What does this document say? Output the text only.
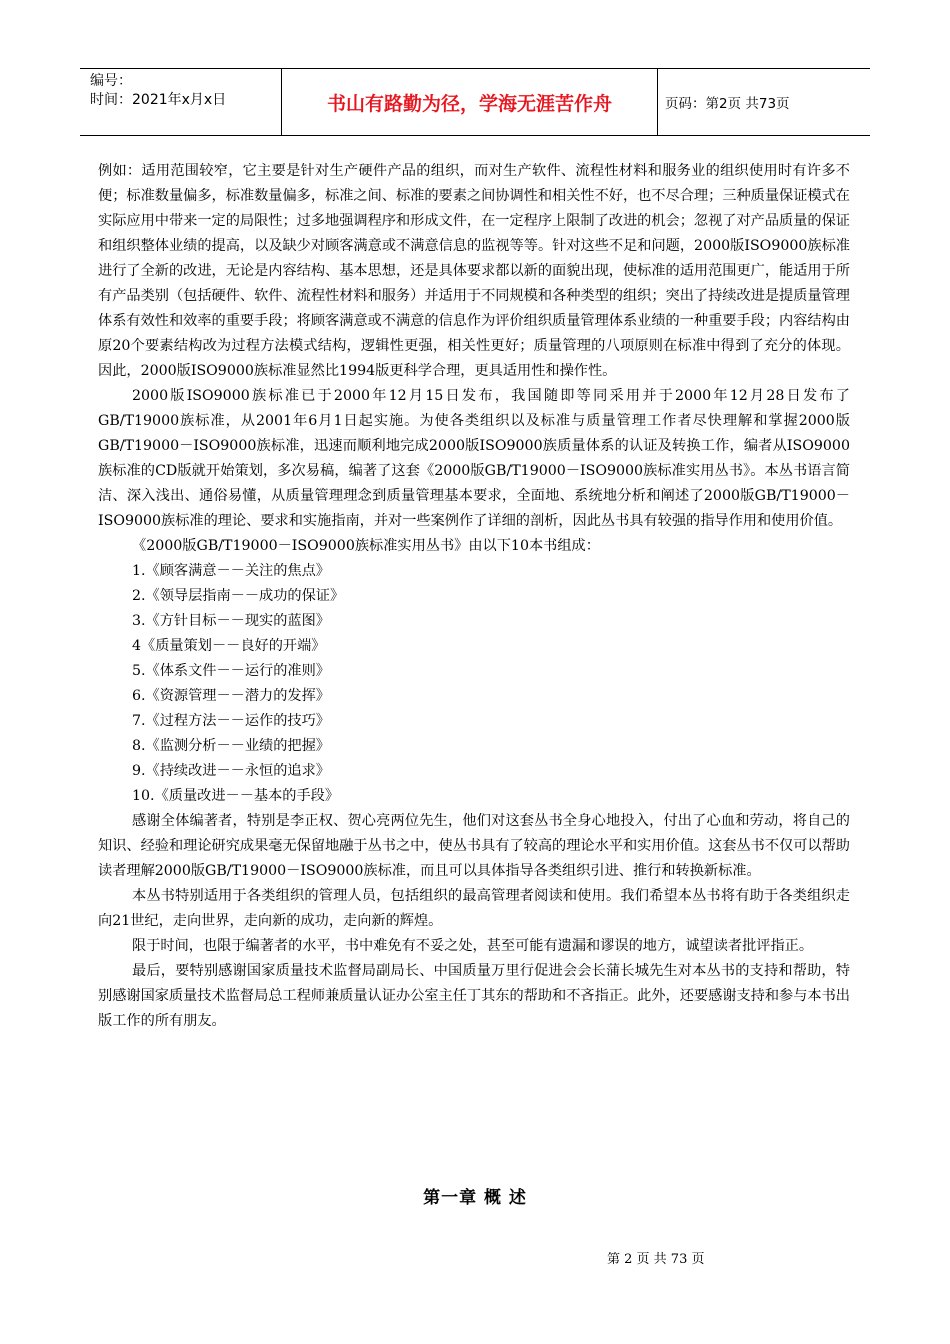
编号：
时间：2021年x月x日	书山有路勤为径，学海无涯苦作舟	页码：第2页 共73页

例如：适用范围较窄，它主要是针对生产硬件产品的组织，而对生产软件、流程性材料和服务业的组织使用时有许多不便；标准数量偏多，标准数量偏多，标准之间、标准的要素之间协调性和相关性不好，也不尽合理；三种质量保证模式在实际应用中带来一定的局限性；过多地强调程序和形成文件，在一定程序上限制了改进的机会；忽视了对产品质量的保证和组织整体业绩的提高，以及缺少对顾客满意或不满意信息的监视等等。针对这些不足和问题，2000版ISO9000族标准进行了全新的改进，无论是内容结构、基本思想，还是具体要求都以新的面貌出现，使标准的适用范围更广，能适用于所有产品类别（包括硬件、软件、流程性材料和服务）并适用于不同规模和各种类型的组织；突出了持续改进是提质量管理体系有效性和效率的重要手段；将顾客满意或不满意的信息作为评价组织质量管理体系业绩的一种重要手段；内容结构由原20个要素结构改为过程方法模式结构，逻辑性更强，相关性更好；质量管理的八项原则在标准中得到了充分的体现。因此，2000版ISO9000族标准显然比1994版更科学合理，更具适用性和操作性。

2000版ISO9000族标准已于2000年12月15日发布，我国随即等同采用并于2000年12月28日发布了GB/T19000族标准，从2001年6月1日起实施。为使各类组织以及标准与质量管理工作者尽快理解和掌握2000版GB/T19000－ISO9000族标准，迅速而顺利地完成2000版ISO9000族质量体系的认证及转换工作，编者从ISO9000族标准的CD版就开始策划，多次易稿，编著了这套《2000版GB/T19000－ISO9000族标准实用丛书》。本丛书语言简洁、深入浅出、通俗易懂，从质量管理理念到质量管理基本要求，全面地、系统地分析和阐述了2000版GB/T19000－ISO9000族标准的理论、要求和实施指南，并对一些案例作了详细的剖析，因此丛书具有较强的指导作用和使用价值。

《2000版GB/T19000－ISO9000族标准实用丛书》由以下10本书组成：

1.《顾客满意－－关注的焦点》

2.《领导层指南－－成功的保证》

3.《方针目标－－现实的蓝图》

4《质量策划－－良好的开端》

5.《体系文件－－运行的准则》

6.《资源管理－－潜力的发挥》

7.《过程方法－－运作的技巧》

8.《监测分析－－业绩的把握》

9.《持续改进－－永恒的追求》

10.《质量改进－－基本的手段》

感谢全体编著者，特别是李正权、贺心亮两位先生，他们对这套丛书全身心地投入，付出了心血和劳动，将自己的知识、经验和理论研究成果毫无保留地融于丛书之中，使丛书具有了较高的理论水平和实用价值。这套丛书不仅可以帮助读者理解2000版GB/T19000－ISO9000族标准，而且可以具体指导各类组织引进、推行和转换新标准。

本丛书特别适用于各类组织的管理人员，包括组织的最高管理者阅读和使用。我们希望本丛书将有助于各类组织走向21世纪，走向世界，走向新的成功，走向新的辉煌。

限于时间，也限于编著者的水平，书中难免有不妥之处，甚至可能有遗漏和谬误的地方，诚望读者批评指正。

最后，要特别感谢国家质量技术监督局副局长、中国质量万里行促进会会长蒲长城先生对本丛书的支持和帮助，特别感谢国家质量技术监督局总工程师兼质量认证办公室主任丁其东的帮助和不吝指正。此外，还要感谢支持和参与本书出版工作的所有朋友。

第一章 概 述
第 2 页 共 73 页
